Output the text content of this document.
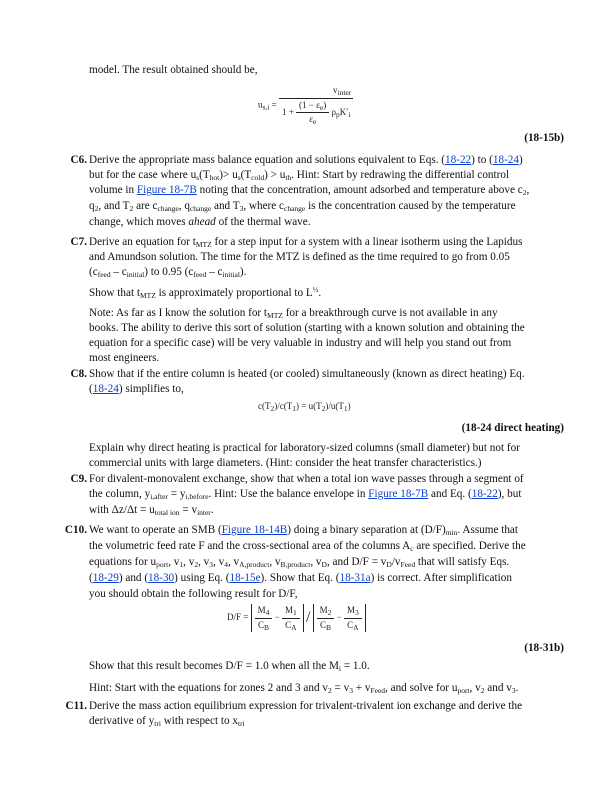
model. The result obtained should be,
$u_{s,i} = \frac{v_{inter}}{1 + \frac{(1 - \varepsilon_e)}{\varepsilon_e} \rho_pK'_i}$
(18-15b)
C6. Derive the appropriate mass balance equation and solutions equivalent to Eqs. (18-22) to (18-24)
but for the case where $u_s(T_{hot})> u_s(T_{cold}) > u_{th}$. Hint: Start by redrawing the differential control
volume in Figure 18-7B noting that the concentration, amount adsorbed and temperature above $c_2$,
$q_2$, and $T_2$ are $c_{change}$, $q_{change}$ and $T_3$, where $c_{change}$ is the concentration caused by the temperature
change, which moves ahead of the thermal wave.
C7. Derive an equation for $t_{MTZ}$ for a step input for a system with a linear isotherm using the Lapidus
and Amundson solution. The time for the MTZ is defined as the time required to go from 0.05
$(c_{feed} - c_{initial})$ to 0.95 $(c_{feed} - c_{initial})$.
Show that $t_{MTZ}$ is approximately proportional to $L^{\frac{1}{2}}$.
Note: As far as I know the solution for $t_{MTZ}$ for a breakthrough curve is not available in any
books. The ability to derive this sort of solution (starting with a known solution and obtaining the
equation for a specific case) will be very valuable in industry and will help you stand out from
most engineers.
C8. Show that if the entire column is heated (or cooled) simultaneously (known as direct heating) Eq.
(18-24) simplifies to,
$c(T_2)/c(T_1) = u(T_2)/u(T_1)$
(18-24 direct heating)
Explain why direct heating is practical for laboratory-sized columns (small diameter) but not for
commercial units with large diameters. (Hint: consider the heat transfer characteristics.)
C9. For divalent-monovalent exchange, show that when a total ion wave passes through a segment of
the column, $y_{i,after} = y_{i,before}$. Hint: Use the balance envelope in Figure 18-7B and Eq. (18-22), but
with $\Delta z/\Delta t = u_{total ion} = v_{inter}$.
C10. We want to operate an SMB (Figure 18-14B) doing a binary separation at $(D/F)_{min}$. Assume that
the volumetric feed rate F and the cross-sectional area of the columns $A_c$ are specified. Derive the
equations for $u_{port}$, $v_1$, $v_2$, $v_3$, $v_4$, $v_{A,product}$, $v_{B,product}$, $v_D$, and $D/F = v_D/v_{Feed}$ that will satisfy Eqs.
(18-29) and (18-30) using Eq. (18-15e). Show that Eq. (18-31a) is correct. After simplification
you should obtain the following result for D/F,
$D/F = \frac{M_4}{C_B} - \frac{M_1}{C_A} / \frac{M_2}{C_B} - \frac{M_3}{C_A}$
(18-31b)
Show that this result becomes D/F = 1.0 when all the $M_i = 1.0$.
Hint: Start with the equations for zones 2 and 3 and $v_2 = v_3 + v_{Feed}$, and solve for $u_{port}$, $v_2$ and $v_3$.
C11. Derive the mass action equilibrium expression for trivalent-trivalent ion exchange and derive the
derivative of $y_{tri}$ with respect to $x_{tri}$
